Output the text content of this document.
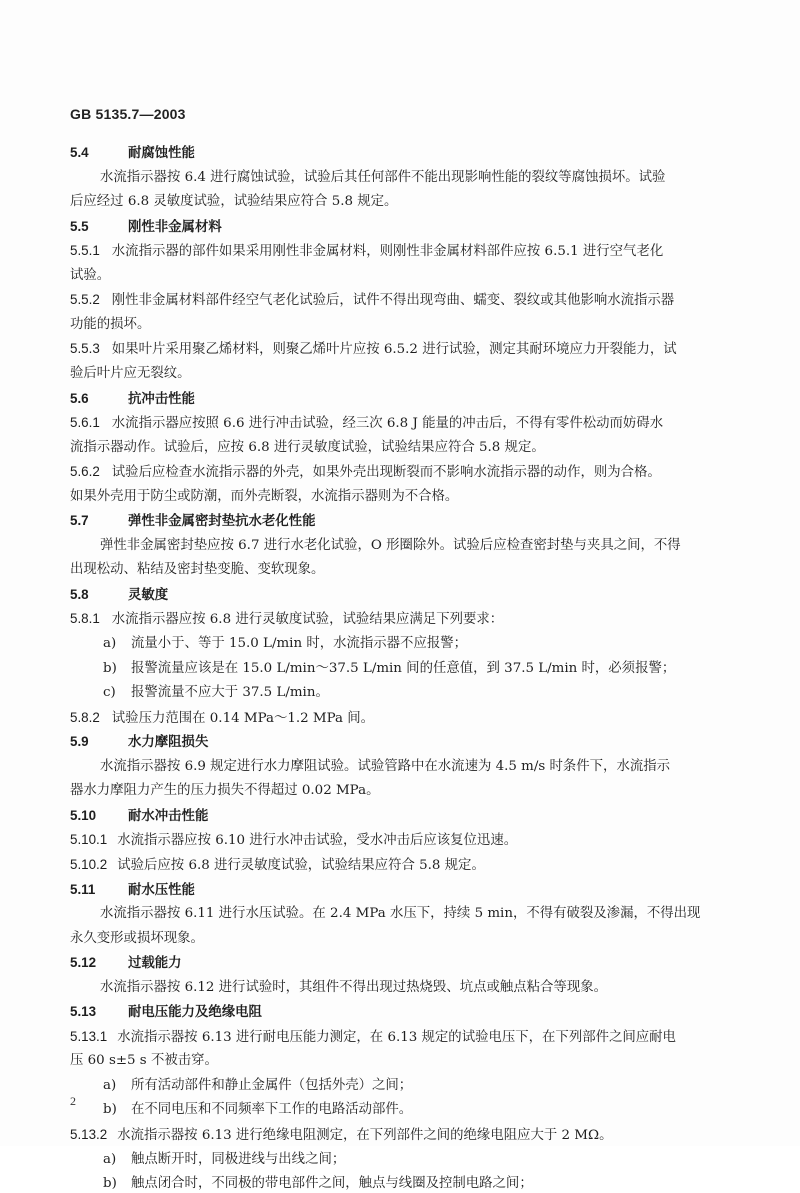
GB 5135.7—2003
5.4	耐腐蚀性能
水流指示器按 6.4 进行腐蚀试验，试验后其任何部件不能出现影响性能的裂纹等腐蚀损坏。试验
后应经过 6.8 灵敏度试验，试验结果应符合 5.8 规定。
5.5	刚性非金属材料
5.5.1 水流指示器的部件如果采用刚性非金属材料，则刚性非金属材料部件应按 6.5.1 进行空气老化
试验。
5.5.2 刚性非金属材料部件经空气老化试验后，试件不得出现弯曲、蠕变、裂纹或其他影响水流指示器
功能的损坏。
5.5.3 如果叶片采用聚乙烯材料，则聚乙烯叶片应按 6.5.2 进行试验，测定其耐环境应力开裂能力，试
验后叶片应无裂纹。
5.6	抗冲击性能
5.6.1 水流指示器应按照 6.6 进行冲击试验，经三次 6.8 J 能量的冲击后，不得有零件松动而妨碍水
流指示器动作。试验后，应按 6.8 进行灵敏度试验，试验结果应符合 5.8 规定。
5.6.2 试验后应检查水流指示器的外壳，如果外壳出现断裂而不影响水流指示器的动作，则为合格。
如果外壳用于防尘或防潮，而外壳断裂，水流指示器则为不合格。
5.7	弹性非金属密封垫抗水老化性能
弹性非金属密封垫应按 6.7 进行水老化试验，O 形圈除外。试验后应检查密封垫与夹具之间，不得
出现松动、粘结及密封垫变脆、变软现象。
5.8	灵敏度
5.8.1 水流指示器应按 6.8 进行灵敏度试验，试验结果应满足下列要求：
a) 流量小于、等于 15.0 L/min 时，水流指示器不应报警；
b) 报警流量应该是在 15.0 L/min～37.5 L/min 间的任意值，到 37.5 L/min 时，必须报警；
c) 报警流量不应大于 37.5 L/min。
5.8.2 试验压力范围在 0.14 MPa～1.2 MPa 间。
5.9	水力摩阻损失
水流指示器按 6.9 规定进行水力摩阻试验。试验管路中在水流速为 4.5 m/s 时条件下，水流指示
器水力摩阻力产生的压力损失不得超过 0.02 MPa。
5.10 耐水冲击性能
5.10.1 水流指示器应按 6.10 进行水冲击试验，受水冲击后应该复位迅速。
5.10.2 试验后应按 6.8 进行灵敏度试验，试验结果应符合 5.8 规定。
5.11 耐水压性能
水流指示器按 6.11 进行水压试验。在 2.4 MPa 水压下，持续 5 min，不得有破裂及渗漏，不得出现
永久变形或损坏现象。
5.12 过载能力
水流指示器按 6.12 进行试验时，其组件不得出现过热烧毁、坑点或触点粘合等现象。
5.13 耐电压能力及绝缘电阻
5.13.1 水流指示器按 6.13 进行耐电压能力测定，在 6.13 规定的试验电压下，在下列部件之间应耐电
压 60 s±5 s 不被击穿。
a) 所有活动部件和静止金属件（包括外壳）之间；
b) 在不同电压和不同频率下工作的电路活动部件。
5.13.2 水流指示器按 6.13 进行绝缘电阻测定，在下列部件之间的绝缘电阻应大于 2 MΩ。
a) 触点断开时，同极进线与出线之间；
b) 触点闭合时，不同极的带电部件之间，触点与线圈及控制电路之间；
2
